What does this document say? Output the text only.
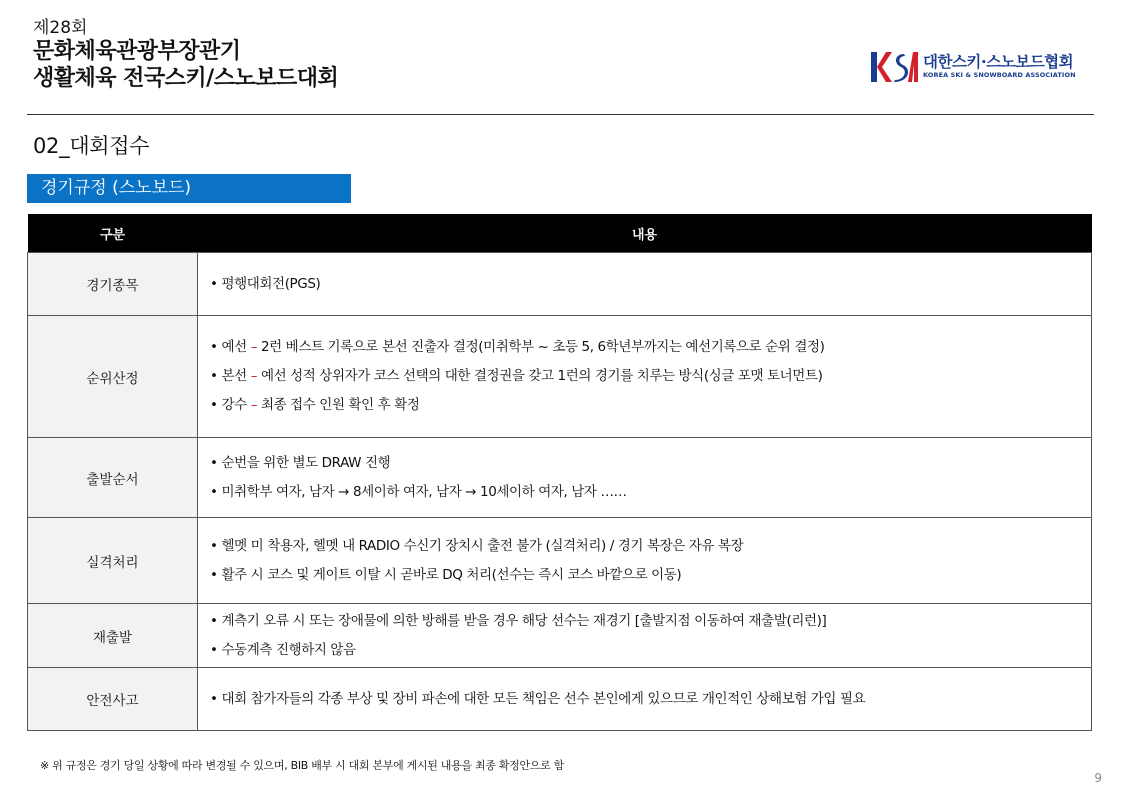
제28회
문화체육관광부장관기
생활체육 전국스키/스노보드대회
대한스키·스노보드협회
KOREA SKI & SNOWBOARD ASSOCIATION
02_대회접수
경기규정 (스노보드)
구분	내용
경기종목	• 평행대회전(PGS)

순위산정	• 예선 – 2런 베스트 기록으로 본선 진출자 결정(미취학부 ~ 초등 5, 6학년부까지는 예선기록으로 순위 결정)
• 본선 – 예선 성적 상위자가 코스 선택의 대한 결정권을 갖고 1런의 경기를 치루는 방식(싱글 포맷 토너먼트)
• 강수 – 최종 접수 인원 확인 후 확정

출발순서	• 순번을 위한 별도 DRAW 진행
• 미취학부 여자, 남자 → 8세이하 여자, 남자 → 10세이하 여자, 남자 ……

실격처리	• 헬멧 미 착용자, 헬멧 내 RADIO 수신기 장치시 출전 불가 (실격처리) / 경기 복장은 자유 복장
• 활주 시 코스 및 게이트 이탈 시 곧바로 DQ 처리(선수는 즉시 코스 바깥으로 이동)

재출발	• 계측기 오류 시 또는 장애물에 의한 방해를 받을 경우 해당 선수는 재경기 [출발지점 이동하여 재출발(리런)]
• 수동계측 진행하지 않음

안전사고	• 대회 참가자들의 각종 부상 및 장비 파손에 대한 모든 책임은 선수 본인에게 있으므로 개인적인 상해보험 가입 필요
※ 위 규정은 경기 당일 상황에 따라 변경될 수 있으며, BIB 배부 시 대회 본부에 게시된 내용을 최종 확정안으로 함
9
